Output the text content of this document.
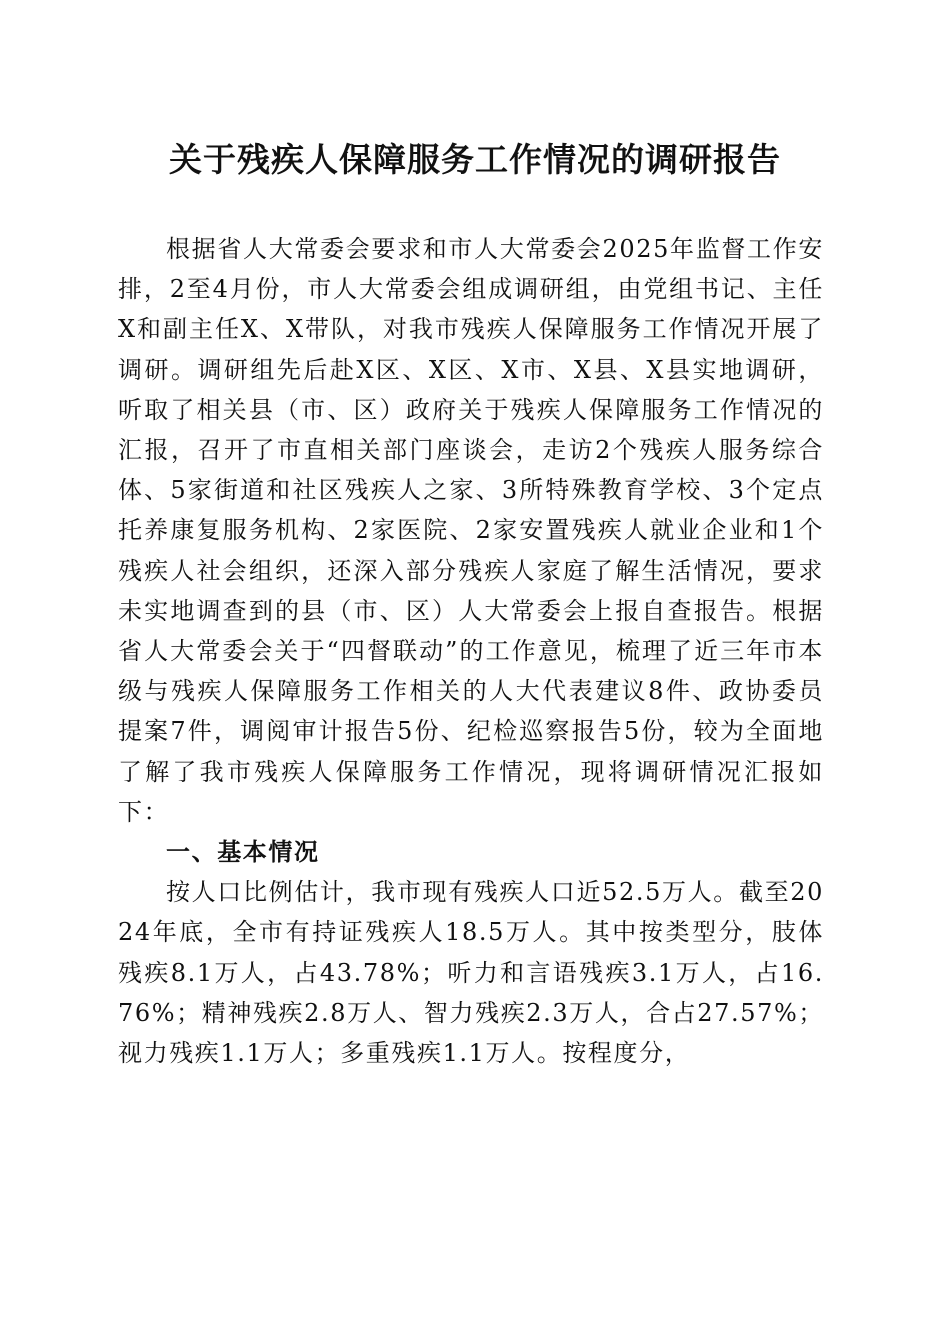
关于残疾人保障服务工作情况的调研报告

根据省人大常委会要求和市人大常委会2025年监督工作安排，2至4月份，市人大常委会组成调研组，由党组书记、主任X和副主任X、X带队，对我市残疾人保障服务工作情况开展了调研。调研组先后赴X区、X区、X市、X县、X县实地调研，听取了相关县（市、区）政府关于残疾人保障服务工作情况的汇报，召开了市直相关部门座谈会，走访2个残疾人服务综合体、5家街道和社区残疾人之家、3所特殊教育学校、3个定点托养康复服务机构、2家医院、2家安置残疾人就业企业和1个残疾人社会组织，还深入部分残疾人家庭了解生活情况，要求未实地调查到的县（市、区）人大常委会上报自查报告。根据省人大常委会关于“四督联动”的工作意见，梳理了近三年市本级与残疾人保障服务工作相关的人大代表建议8件、政协委员提案7件，调阅审计报告5份、纪检巡察报告5份，较为全面地了解了我市残疾人保障服务工作情况，现将调研情况汇报如下：

一、基本情况

按人口比例估计，我市现有残疾人口近52.5万人。截至2024年底，全市有持证残疾人18.5万人。其中按类型分，肢体残疾8.1万人，占43.78%；听力和言语残疾3.1万人，占16.76%；精神残疾2.8万人、智力残疾2.3万人，合占27.57%；视力残疾1.1万人；多重残疾1.1万人。按程度分，
